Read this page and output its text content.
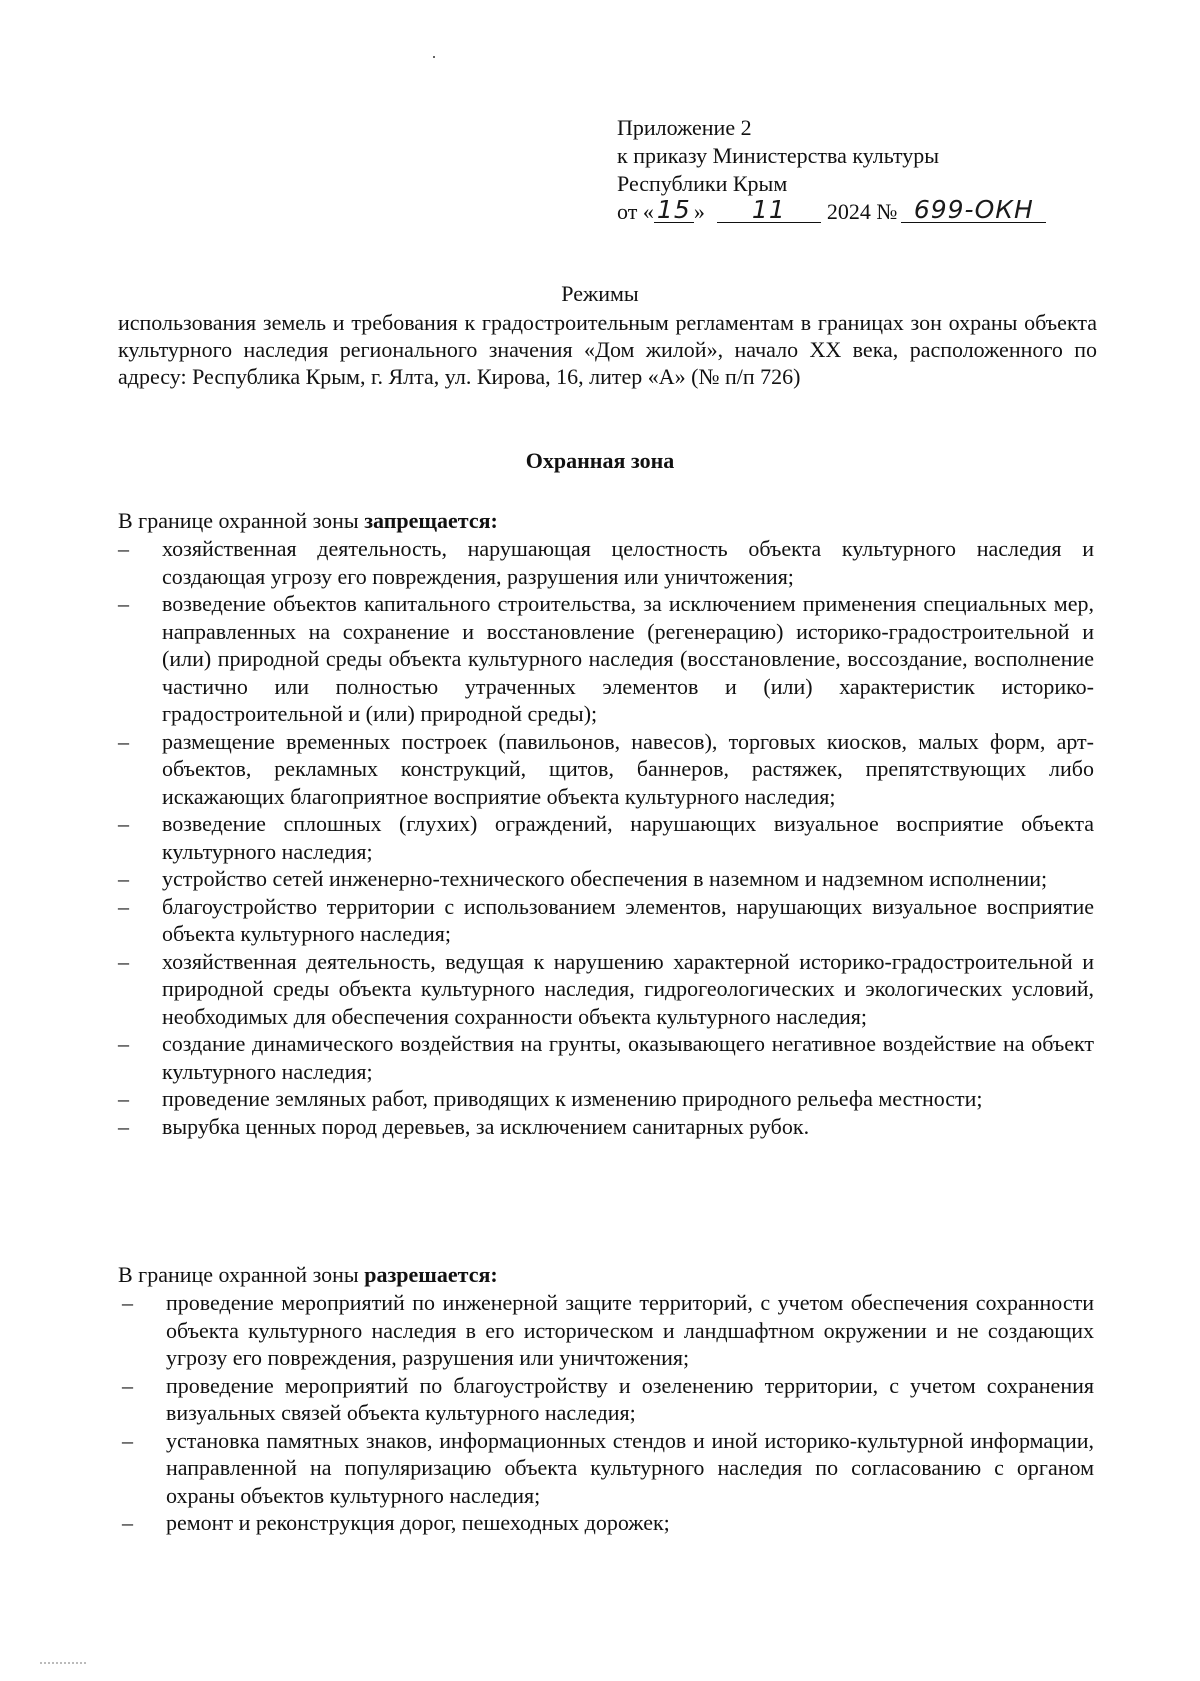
Приложение 2
к приказу Министерства культуры
Республики Крым
от « 15 »	11	2024 № 699-ОКН
Режимы
использования земель и требования к градостроительным регламентам в границах зон охраны объекта культурного наследия регионального значения «Дом жилой», начало XX века, расположенного по адресу: Республика Крым, г. Ялта, ул. Кирова, 16, литер «А» (№ п/п 726)
Охранная зона
В границе охранной зоны запрещается:
– хозяйственная деятельность, нарушающая целостность объекта культурного наследия и создающая угрозу его повреждения, разрушения или уничтожения;
– возведение объектов капитального строительства, за исключением применения специальных мер, направленных на сохранение и восстановление (регенерацию) историко-градостроительной и (или) природной среды объекта культурного наследия (восстановление, воссоздание, восполнение частично или полностью утраченных элементов и (или) характеристик историко-градостроительной и (или) природной среды);
– размещение временных построек (павильонов, навесов), торговых киосков, малых форм, арт-объектов, рекламных конструкций, щитов, баннеров, растяжек, препятствующих либо искажающих благоприятное восприятие объекта культурного наследия;
– возведение сплошных (глухих) ограждений, нарушающих визуальное восприятие объекта культурного наследия;
– устройство сетей инженерно-технического обеспечения в наземном и надземном исполнении;
– благоустройство территории с использованием элементов, нарушающих визуальное восприятие объекта культурного наследия;
– хозяйственная деятельность, ведущая к нарушению характерной историко-градостроительной и природной среды объекта культурного наследия, гидрогеологических и экологических условий, необходимых для обеспечения сохранности объекта культурного наследия;
– создание динамического воздействия на грунты, оказывающего негативное воздействие на объект культурного наследия;
– проведение земляных работ, приводящих к изменению природного рельефа местности;
– вырубка ценных пород деревьев, за исключением санитарных рубок.
В границе охранной зоны разрешается:
– проведение мероприятий по инженерной защите территорий, с учетом обеспечения сохранности объекта культурного наследия в его историческом и ландшафтном окружении и не создающих угрозу его повреждения, разрушения или уничтожения;
– проведение мероприятий по благоустройству и озеленению территории, с учетом сохранения визуальных связей объекта культурного наследия;
– установка памятных знаков, информационных стендов и иной историко-культурной информации, направленной на популяризацию объекта культурного наследия по согласованию с органом охраны объектов культурного наследия;
– ремонт и реконструкция дорог, пешеходных дорожек;
